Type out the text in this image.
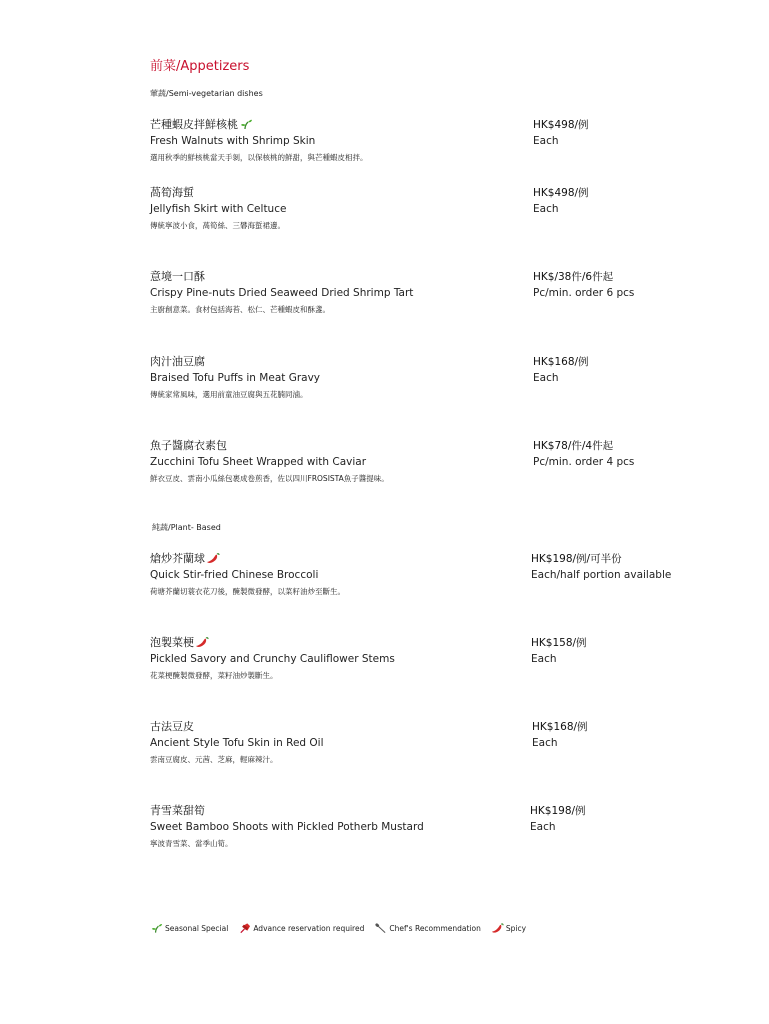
前菜/Appetizers
葷蔬/Semi-vegetarian dishes
芒種蝦皮拌鮮核桃
Fresh Walnuts with Shrimp Skin
選用秋季的鮮核桃當天手剝，以保核桃的鮮甜，與芒種蝦皮相拌。
HK$498/例
Each
萵筍海蜇
Jellyfish Skirt with Celtuce
傳統寧波小食，萵筍絲、三礬海蜇裙邊。
HK$498/例
Each
意境一口酥
Crispy Pine-nuts Dried Seaweed Dried Shrimp Tart
主廚創意菜。食材包括海苔、松仁、芒種蝦皮和酥盞。
HK$/38件/6件起
Pc/min. order 6 pcs
肉汁油豆腐
Braised Tofu Puffs in Meat Gravy
傳統家常風味，選用前童油豆腐與五花腩同滷。
HK$168/例
Each
魚子醬腐衣素包
Zucchini Tofu Sheet Wrapped with Caviar
鮮衣豆皮、雲南小瓜絲包裹成卷煎香，佐以四川FROSISTA魚子醬提味。
HK$78/件/4件起
Pc/min. order 4 pcs
純蔬/Plant- Based
熗炒芥蘭球
Quick Stir-fried Chinese Broccoli
荷塘芥蘭切蓑衣花刀後，醃製微發酵，以菜籽油炒至斷生。
HK$198/例/可半份
Each/half portion available
泡製菜梗
Pickled Savory and Crunchy Cauliflower Stems
花菜梗醃製微發酵，菜籽油炒製斷生。
HK$158/例
Each
古法豆皮
Ancient Style Tofu Skin in Red Oil
雲南豆腐皮、元茜、芝麻，輕麻辣汁。
HK$168/例
Each
青雪菜甜筍
Sweet Bamboo Shoots with Pickled Potherb Mustard
寧波青雪菜、當季山筍。
HK$198/例
Each
Seasonal Special	Advance reservation required	Chef's Recommendation	Spicy
